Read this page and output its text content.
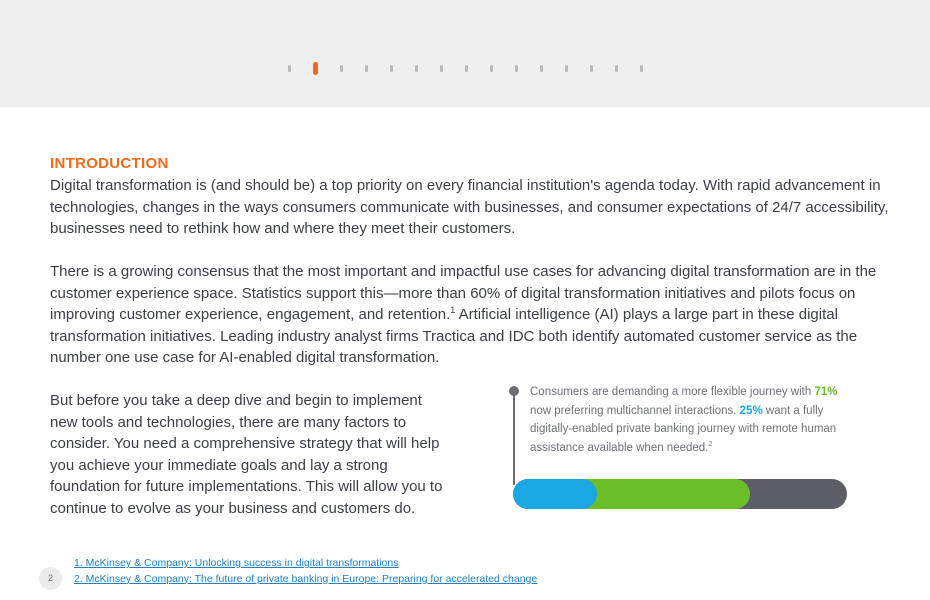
INTRODUCTION

Digital transformation is (and should be) a top priority on every financial institution's agenda today. With rapid advancement in technologies, changes in the ways consumers communicate with businesses, and consumer expectations of 24/7 accessibility, businesses need to rethink how and where they meet their customers.

There is a growing consensus that the most important and impactful use cases for advancing digital transformation are in the customer experience space. Statistics support this—more than 60% of digital transformation initiatives and pilots focus on improving customer experience, engagement, and retention.$^1$ Artificial intelligence (AI) plays a large part in these digital transformation initiatives. Leading industry analyst firms Tractica and IDC both identify automated customer service as the number one use case for AI-enabled digital transformation.

But before you take a deep dive and begin to implement new tools and technologies, there are many factors to consider. You need a comprehensive strategy that will help you achieve your immediate goals and lay a strong foundation for future implementations. This will allow you to continue to evolve as your business and customers do.

Consumers are demanding a more flexible journey with 71% now preferring multichannel interactions. 25% want a fully digitally-enabled private banking journey with remote human assistance available when needed.$^2$

1. McKinsey & Company: Unlocking success in digital transformations
2. McKinsey & Company: The future of private banking in Europe: Preparing for accelerated change
2
